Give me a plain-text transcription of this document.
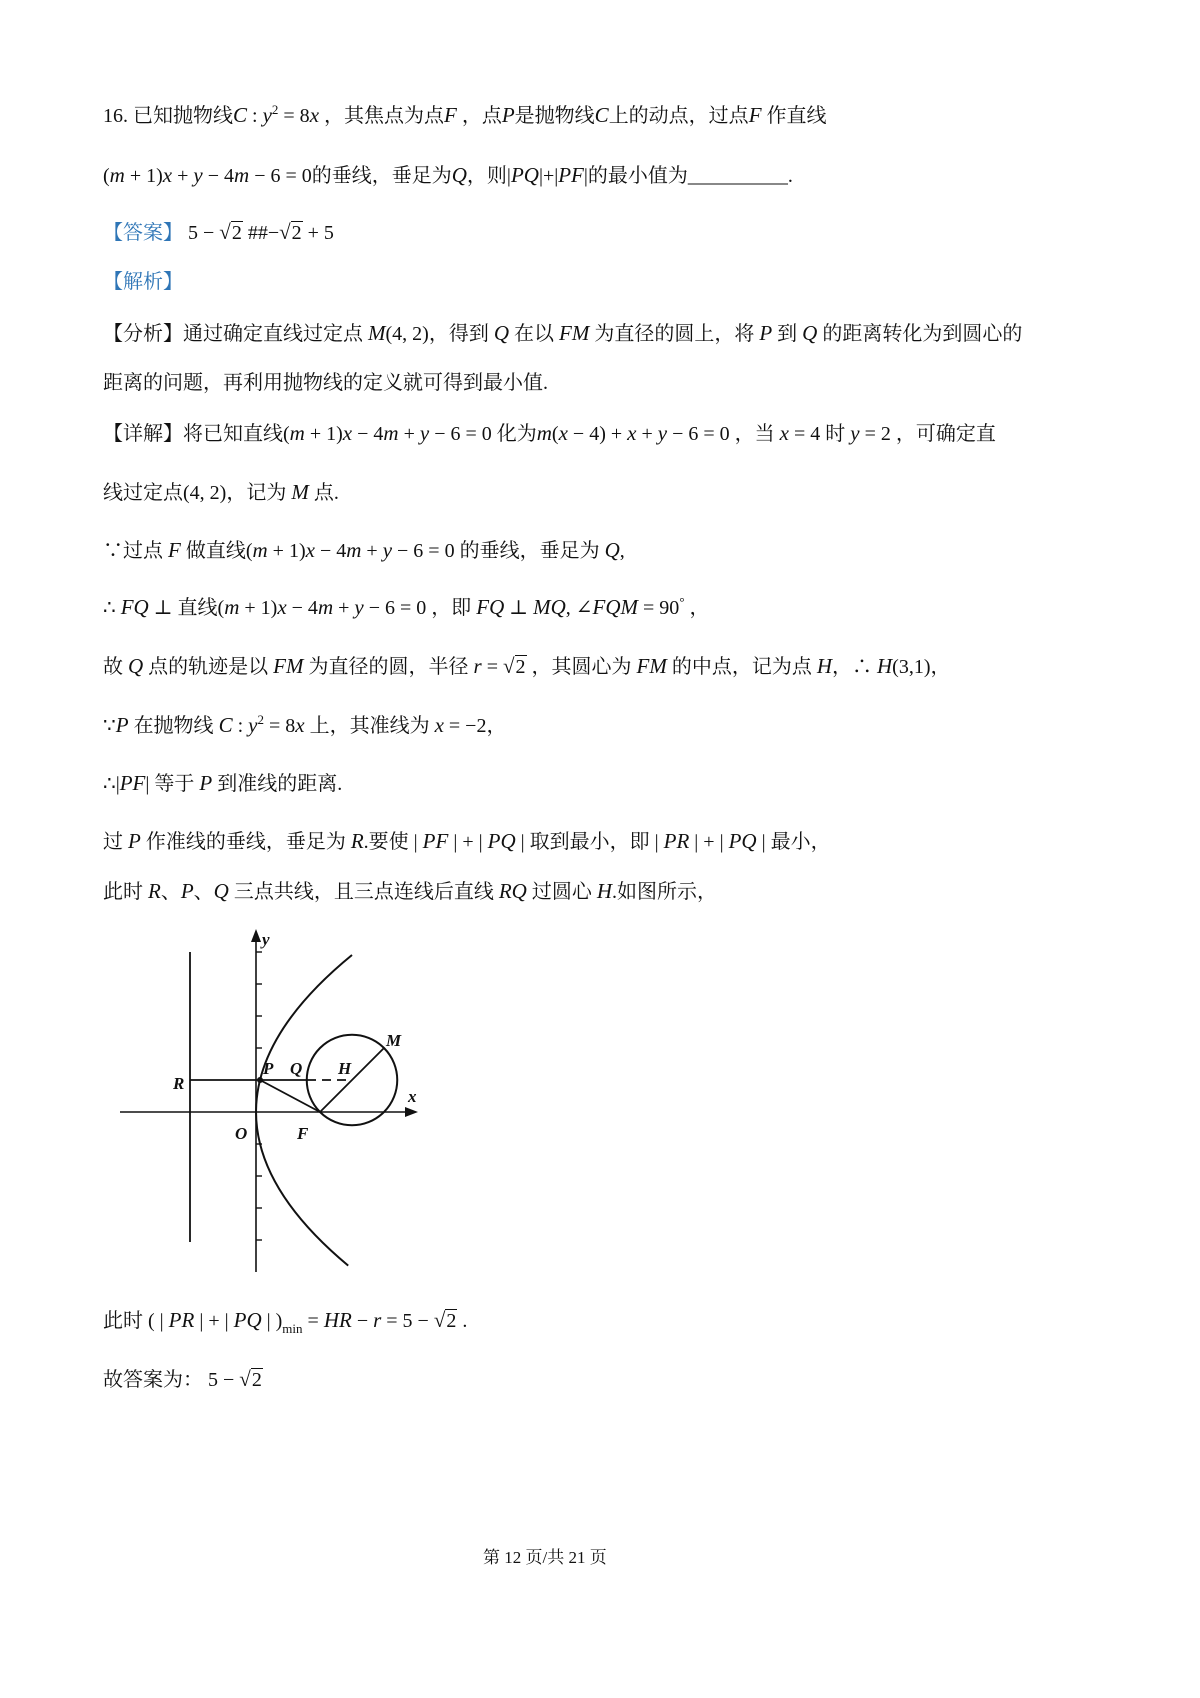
16. 已知抛物线C : $y^2 = 8x$ ，其焦点为点F ，点P是抛物线C上的动点，过点F 作直线
(m + 1)x + y − 4m − 6 = 0的垂线，垂足为Q，则|PQ|+|PF|的最小值为__________.
【答案】 5 − √ 2 ##−√ 2 + 5
【解析】
【分析】通过确定直线过定点 M(4, 2)，得到 Q 在以 FM 为直径的圆上，将 P 到 Q 的距离转化为到圆心的
距离的问题，再利用抛物线的定义就可得到最小值.
【详解】将已知直线(m + 1)x − 4m + y − 6 = 0 化为m(x − 4) + x + y − 6 = 0 ，当 x = 4 时 y = 2 ，可确定直
线过定点(4, 2)，记为 M 点.
∵过点 F 做直线(m + 1)x − 4m + y − 6 = 0 的垂线，垂足为 Q,
∴ FQ ⊥ 直线(m + 1)x − 4m + y − 6 = 0 ，即 FQ ⊥ MQ, ∠FQM = 90° ，
故 Q 点的轨迹是以 FM 为直径的圆，半径 r = √ 2 ，其圆心为 FM 的中点，记为点 H，∴ H(3,1)，
∵P 在抛物线 C : $y^2 = 8x$ 上，其准线为 x = −2，
∴|PF| 等于 P 到准线的距离.
过 P 作准线的垂线，垂足为 R.要使 | PF | + | PQ | 取到最小，即 | PR | + | PQ | 最小，
此时 R、P、Q 三点共线，且三点连线后直线 RQ 过圆心 H.如图所示，
y
x
R
P Q H
M
O	F
此时 ( | PR | + | PQ | )$_{min}$ = HR − r = 5 − √ 2 .
故答案为： 5 − √ 2
第 12 页/共 21 页
